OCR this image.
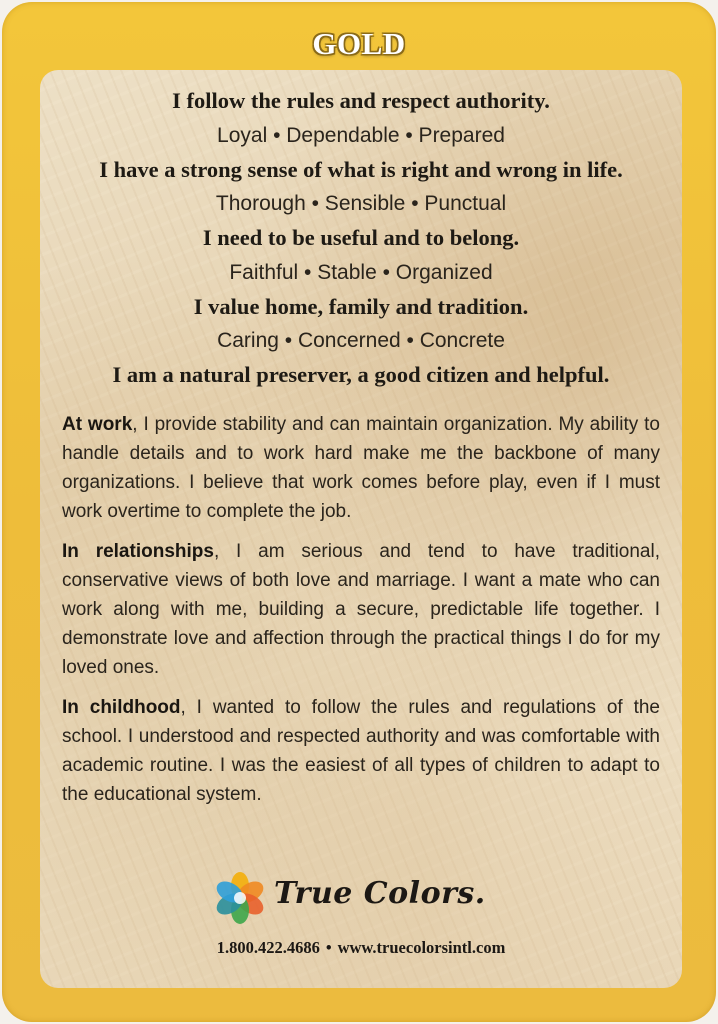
GOLD

I follow the rules and respect authority.

Loyal • Dependable • Prepared

I have a strong sense of what is right and wrong in life.

Thorough • Sensible • Punctual

I need to be useful and to belong.

Faithful • Stable • Organized

I value home, family and tradition.

Caring • Concerned • Concrete

I am a natural preserver, a good citizen and helpful.

At work, I provide stability and can maintain organization. My ability to handle details and to work hard make me the backbone of many organizations. I believe that work comes before play, even if I must work overtime to complete the job.

In relationships, I am serious and tend to have traditional, conservative views of both love and marriage. I want a mate who can work along with me, building a secure, predictable life together. I demonstrate love and affection through the practical things I do for my loved ones.

In childhood, I wanted to follow the rules and regulations of the school. I understood and respected authority and was comfortable with academic routine. I was the easiest of all types of children to adapt to the educational system.

True Colors.
1.800.422.4686 • www.truecolorsintl.com
